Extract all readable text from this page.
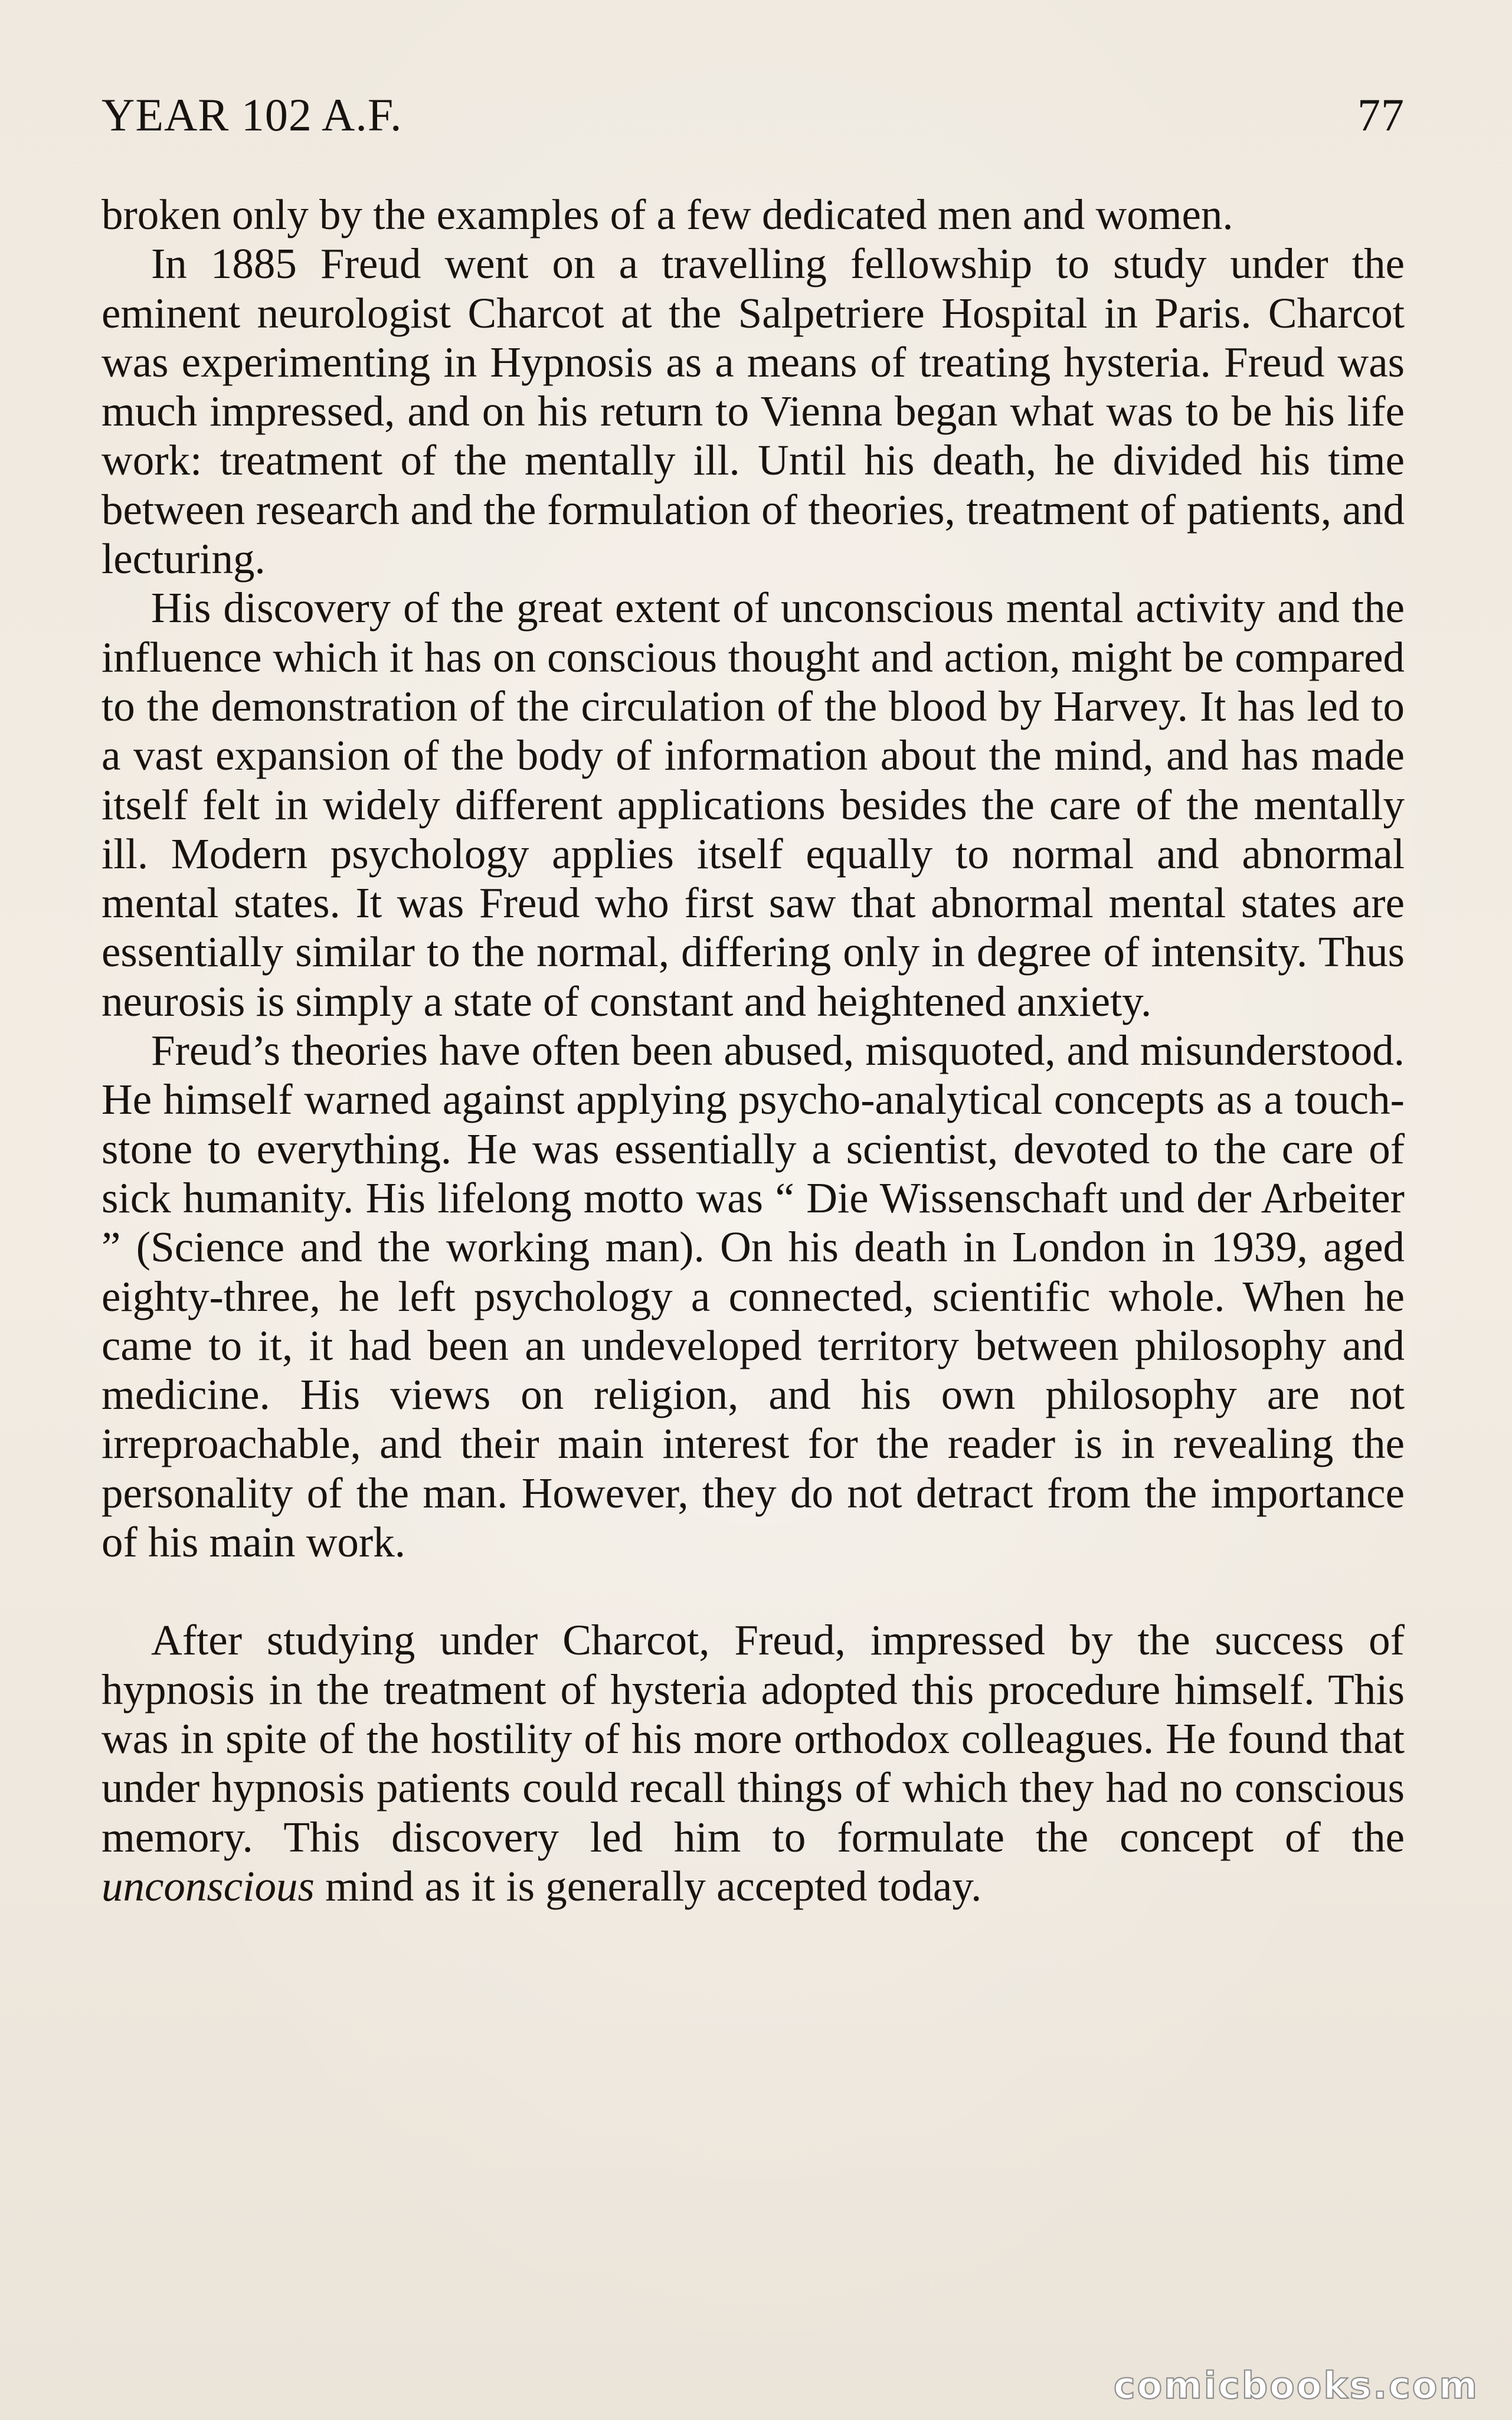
YEAR 102 A.F.	77

broken only by the examples of a few dedicated men and women.

In 1885 Freud went on a travelling fellowship to study under the eminent neurologist Charcot at the Salpetriere Hospital in Paris. Charcot was experimenting in Hypnosis as a means of treating hysteria. Freud was much impressed, and on his return to Vienna began what was to be his life work: treatment of the mentally ill. Until his death, he divided his time between research and the formulation of theories, treatment of patients, and lecturing.

His discovery of the great extent of unconscious mental activity and the influence which it has on conscious thought and action, might be compared to the demonstration of the circulation of the blood by Harvey. It has led to a vast expansion of the body of information about the mind, and has made itself felt in widely different applications besides the care of the mentally ill. Modern psychology applies itself equally to normal and abnormal mental states. It was Freud who first saw that abnormal mental states are essentially similar to the normal, differing only in degree of intensity. Thus neurosis is simply a state of constant and heightened anxiety.

Freud’s theories have often been abused, misquoted, and misunderstood. He himself warned against applying psycho-analytical concepts as a touch-stone to everything. He was essentially a scientist, devoted to the care of sick humanity. His lifelong motto was “ Die Wissenschaft und der Arbeiter ” (Science and the working man). On his death in London in 1939, aged eighty-three, he left psychology a connected, scientific whole. When he came to it, it had been an undeveloped territory between philosophy and medicine. His views on religion, and his own philosophy are not irreproachable, and their main interest for the reader is in revealing the personality of the man. However, they do not detract from the importance of his main work.

After studying under Charcot, Freud, impressed by the success of hypnosis in the treatment of hysteria adopted this procedure himself. This was in spite of the hostility of his more orthodox colleagues. He found that under hypnosis patients could recall things of which they had no conscious memory. This discovery led him to formulate the concept of the unconscious mind as it is generally accepted today.

comicbooks.com
